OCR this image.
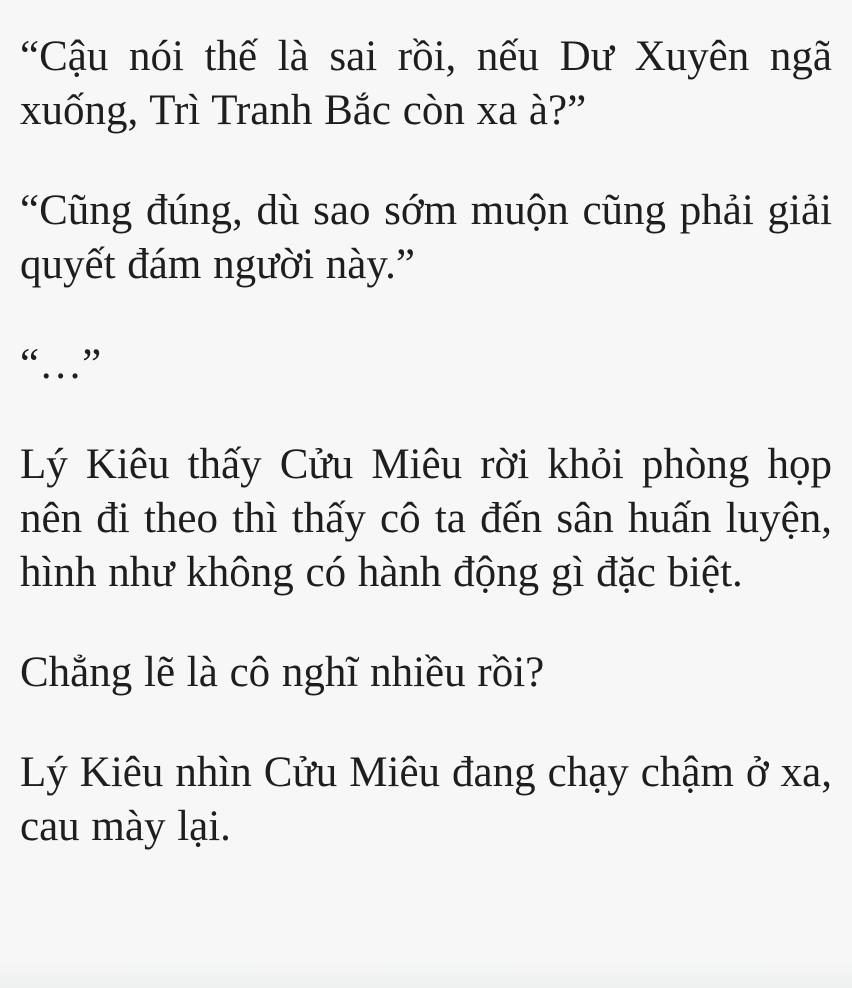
“Cậu nói thế là sai rồi, nếu Dư Xuyên ngã xuống, Trì Tranh Bắc còn xa à?”

“Cũng đúng, dù sao sớm muộn cũng phải giải quyết đám người này.”

“…”

Lý Kiêu thấy Cửu Miêu rời khỏi phòng họp nên đi theo thì thấy cô ta đến sân huấn luyện, hình như không có hành động gì đặc biệt.

Chẳng lẽ là cô nghĩ nhiều rồi?

Lý Kiêu nhìn Cửu Miêu đang chạy chậm ở xa, cau mày lại.
